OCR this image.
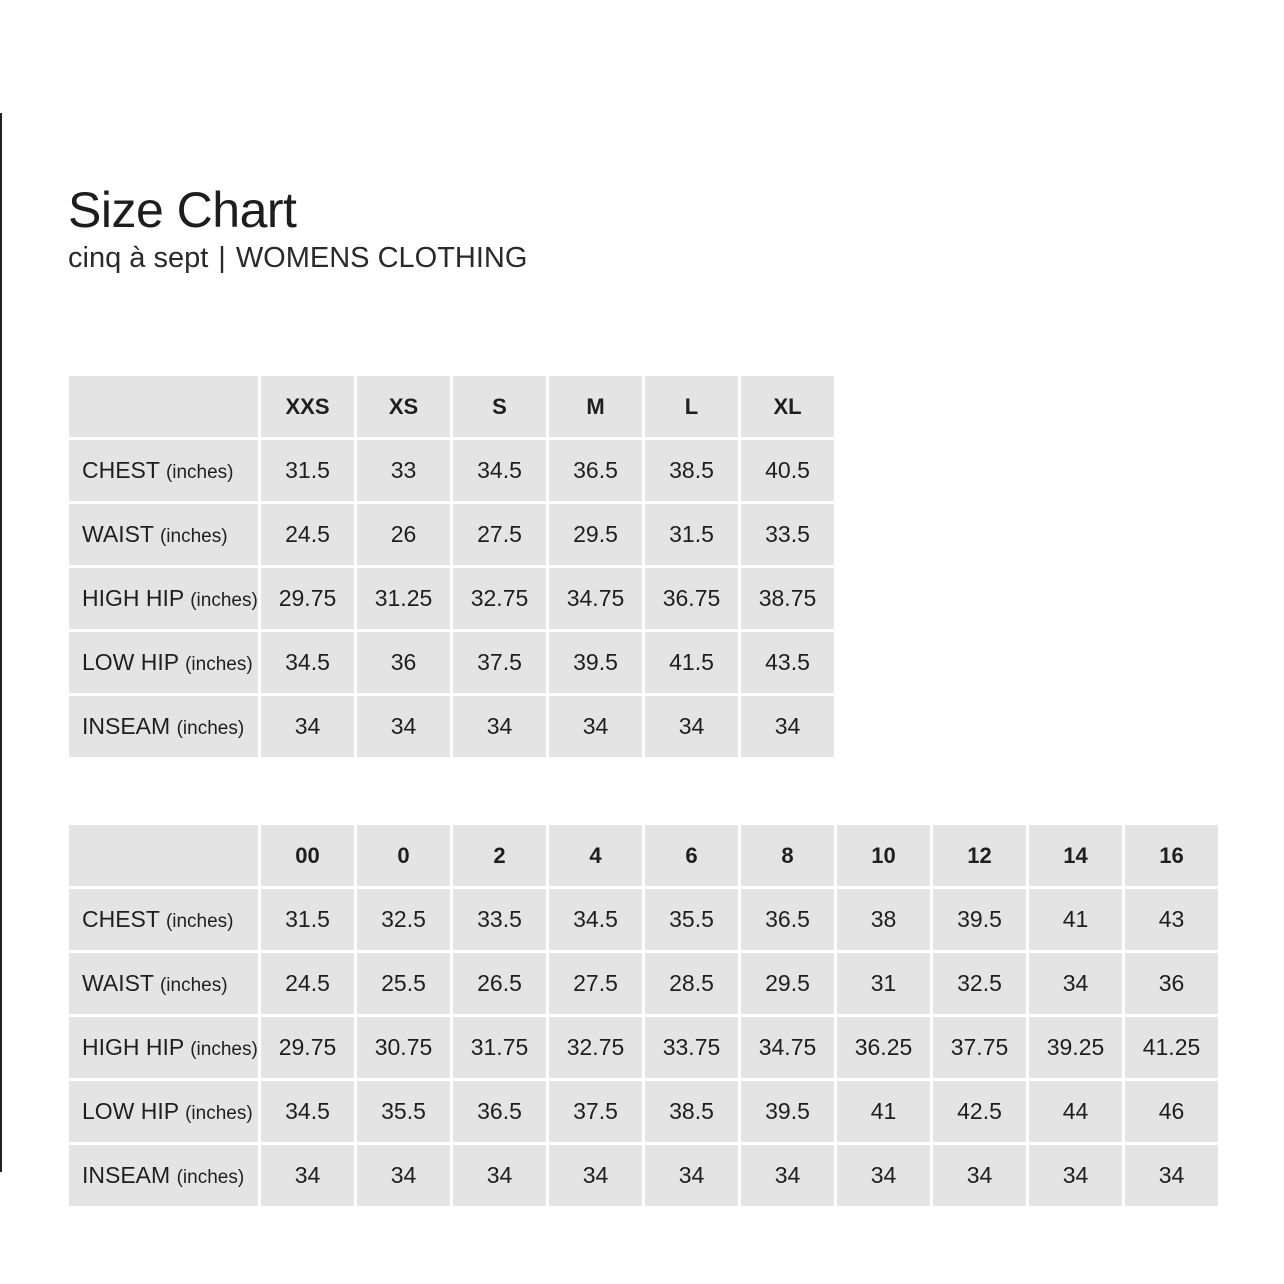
Size Chart

cinq à sept | WOMENS CLOTHING

	XXS	XS	S	M	L	XL
CHEST (inches)	31.5	33	34.5	36.5	38.5	40.5
WAIST (inches)	24.5	26	27.5	29.5	31.5	33.5
HIGH HIP (inches)	29.75	31.25	32.75	34.75	36.75	38.75
LOW HIP (inches)	34.5	36	37.5	39.5	41.5	43.5
INSEAM (inches)	34	34	34	34	34	34
	00	0	2	4	6	8	10	12	14	16
CHEST (inches)	31.5	32.5	33.5	34.5	35.5	36.5	38	39.5	41	43
WAIST (inches)	24.5	25.5	26.5	27.5	28.5	29.5	31	32.5	34	36
HIGH HIP (inches)	29.75	30.75	31.75	32.75	33.75	34.75	36.25	37.75	39.25	41.25
LOW HIP (inches)	34.5	35.5	36.5	37.5	38.5	39.5	41	42.5	44	46
INSEAM (inches)	34	34	34	34	34	34	34	34	34	34
